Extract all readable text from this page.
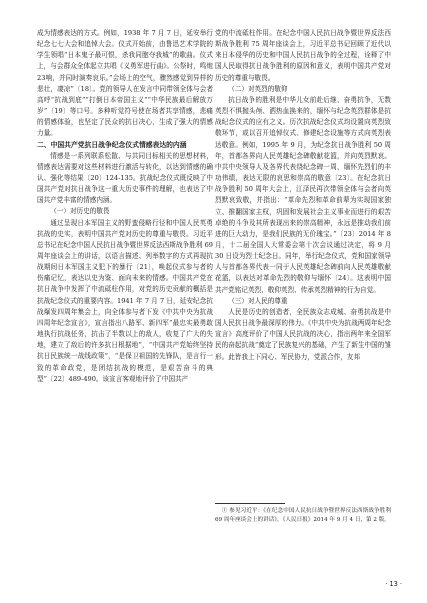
成为情感表达的方式。例如，1938 年 7 月 7 日，延安举行纪念七七大会和追悼大会。仪式开始前，由鲁迅艺术学院的学生领唱“日本鬼子最可恨，杀我同胞夺我城”的歌曲。仪式上，与会群众全体起立共唱《义勇军进行曲》。公祭时，鸣炮 23响，并同时演奏哀乐。”会场上的空气，骤然感觉到异样的悲壮，凄凉”〔18〕。党的领导人在发言中同带领全体与会者高呼“抗战到底”“打倒日本帝国主义”“中华民族最后解放万岁”〔19〕等口号。多种听觉符号使在场者共享情感，悲痛的情感体验，也坚定了民众的抗日决心，生成了强大的情感力量。

二、中国共产党抗日战争纪念仪式情感表达的内涵

情感是一系列联系松散、与共同目标相关的思想材料，情感表达需要对这些材料进行激活与转化，以达到情感的确认、强化等结果〔20〕124-135。抗战纪念仪式既反映了中国共产党对抗日战争这一重大历史事件的理解，也表达了中国共产党丰富的情感内涵。

（一）对历史的敬畏

通过呈现日本军国主义的野蛮侵略行径和中国人民英勇抗战的史实，表明中国共产党对历史的尊重与敬畏。习近平总书记在纪念中国人民抗日战争暨世界反法西斯战争胜利 69 周年座谈会上的讲话，以语言描述、列举数字的方式再现抗战期间日本军国主义犯下的暴行〔21〕，唤起仪式参与者的伤痛记忆，表达以史为鉴、面向未来的情感。中国共产党在抗日战争中发挥了中流砥柱作用，对党的历史贡献的概括是抗战纪念仪式的重要内容。1941 年 7 月 7 日，延安纪念抗战爆发四周年集会上，向全体参与者下发《中共中央为抗战四周年纪念宣言》，宣言指出八路军、新四军“最忠实最勇敢地执行抗战任务，抗击了半数以上的敌人，收复了广大的失地，建立了敌后的许多抗日根据地”，“中国共产党始终坚持抗日民族统一战线政策”，“是保卫祖国的先锋队，是言行一致的革命政党，是团结抗战的模范，是艰苦奋斗的典型”〔22〕489-490。该宣言客观地评价了中国共产

党的中流砥柱作用。在纪念中国人民抗日战争暨世界反法西斯战争胜利 75 周年座谈会上，习近平总书记回顾了近代以来日本侵华的历史和中国人民抗日战争的全过程，诠释了中国人民取得抗日战争胜利的原因和意义，表明中国共产党对历史的尊重与敬畏。

（二）对英烈的敬仰

抗日战争的胜利是中华儿女前赴后继、奋勇抗争，无数英烈不惧抛头颅、洒热血换来的，缅怀与纪念英烈群体是抗战纪念仪式的应有之义。历次抗战纪念仪式均设置向英烈致敬环节，或以召开追悼仪式、修建纪念设施等方式向英烈表达敬意。例如，1995 年 9 月，为纪念抗日战争胜利 50 周年，首都各界向人民英雄纪念碑敬献花篮，并向英烈默哀。中共中央领导人及各界代表绕纪念碑一周，缅怀先烈们的丰功伟绩，表达无限的哀思和崇高的敬意〔23〕。在纪念抗日战争胜利 50 周年大会上，江泽民再次带领全体与会者向英烈默哀致敬，并指出：“革命先烈和革命前辈为实现国家独立、推翻国家主权，巩固和发展社会主义事业而进行的艰苦卓绝的斗争及其所表现出来的崇高精神，永远是推动我们前进的巨大动力，是我们民族的无价瑰宝。”〔23〕2014 年 8 月，十二届全国人大常委会第十次会议通过决定，将 9 月 30 日设为烈士纪念日。同年，举行纪念仪式，党和国家领导人与首都各界代表一同于人民英雄纪念碑前向人民英雄敬献花篮，以表达对革命先烈的敬仰与缅怀〔24〕。这表明中国共产党铭记英烈、敬仰英烈、传承英烈精神的行为自觉。

（三）对人民的尊重

人民是历史的创造者，全民族众志成城、奋勇抗战是中国人民抗日战争最深厚的伟力。《中共中央为抗战两周年纪念宣言》高度评价了中国人民抗战的决心，指出两年来全国军民的奋起抗战“奠定了民族复兴的基础，产生了新生中国的雏形。此皆我上下同心、军民协力，党派合作，友邦

① 参见习近平：《在纪念中国人民抗日战争暨世界反法西斯战争胜利 69 周年座谈会上的讲话》，《人民日报》2014 年 9 月 4 日，第 2 版。

· 13 ·
